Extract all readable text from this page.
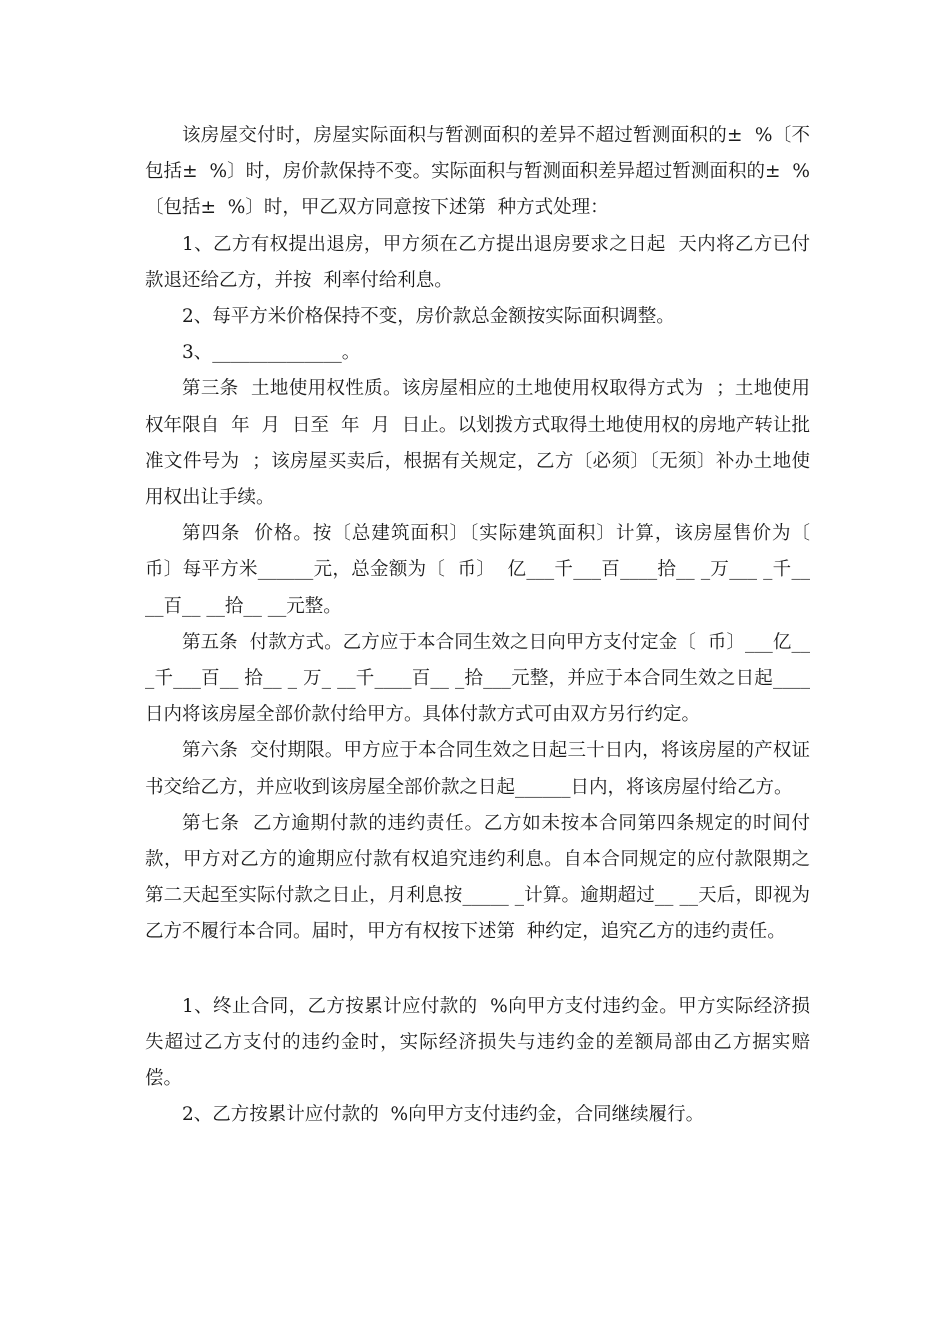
该房屋交付时，房屋实际面积与暂测面积的差异不超过暂测面积的±  %〔不包括±  %〕时，房价款保持不变。实际面积与暂测面积差异超过暂测面积的±  %〔包括±  %〕时，甲乙双方同意按下述第  种方式处理：

1、乙方有权提出退房，甲方须在乙方提出退房要求之日起  天内将乙方已付款退还给乙方，并按  利率付给利息。

2、每平方米价格保持不变，房价款总金额按实际面积调整。

3、______________。

第三条  土地使用权性质。该房屋相应的土地使用权取得方式为  ；土地使用权年限自  年  月  日至  年  月  日止。以划拨方式取得土地使用权的房地产转让批准文件号为  ；该房屋买卖后，根据有关规定，乙方〔必须〕〔无须〕补办土地使用权出让手续。

第四条  价格。按〔总建筑面积〕〔实际建筑面积〕计算，该房屋售价为〔  币〕每平方米______元，总金额为〔  币〕  亿___千___百____拾__ _万___ _千__ __百__ __拾__ __元整。

第五条  付款方式。乙方应于本合同生效之日向甲方支付定金〔  币〕___亿___千___百__ 拾__ _ 万_ __千____百__ _拾___元整，并应于本合同生效之日起____日内将该房屋全部价款付给甲方。具体付款方式可由双方另行约定。

第六条  交付期限。甲方应于本合同生效之日起三十日内，将该房屋的产权证书交给乙方，并应收到该房屋全部价款之日起______日内，将该房屋付给乙方。

第七条  乙方逾期付款的违约责任。乙方如未按本合同第四条规定的时间付款，甲方对乙方的逾期应付款有权追究违约利息。自本合同规定的应付款限期之第二天起至实际付款之日止，月利息按_____ _计算。逾期超过__ __天后，即视为乙方不履行本合同。届时，甲方有权按下述第  种约定，追究乙方的违约责任。

1、终止合同，乙方按累计应付款的  %向甲方支付违约金。甲方实际经济损失超过乙方支付的违约金时，实际经济损失与违约金的差额局部由乙方据实赔偿。

2、乙方按累计应付款的  %向甲方支付违约金，合同继续履行。
